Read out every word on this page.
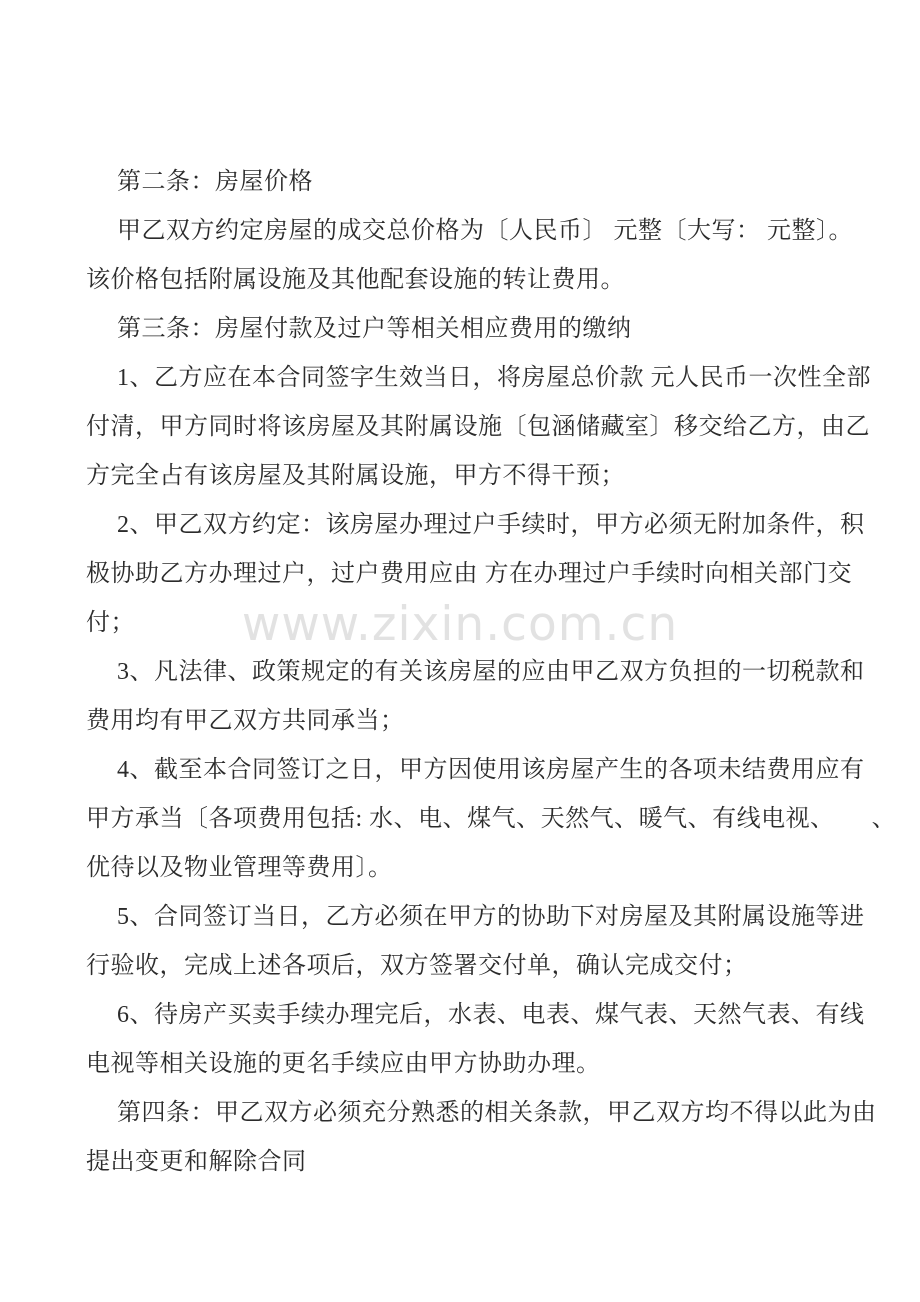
www.zixin.com.cn
第二条：房屋价格
甲乙双方约定房屋的成交总价格为〔人民币〕 元整〔大写： 元整〕。
该价格包括附属设施及其他配套设施的转让费用。
第三条：房屋付款及过户等相关相应费用的缴纳
1、乙方应在本合同签字生效当日，将房屋总价款 元人民币一次性全部
付清，甲方同时将该房屋及其附属设施〔包涵储藏室〕移交给乙方，由乙
方完全占有该房屋及其附属设施，甲方不得干预；
2、甲乙双方约定：该房屋办理过户手续时，甲方必须无附加条件，积
极协助乙方办理过户，过户费用应由 方在办理过户手续时向相关部门交
付；
3、凡法律、政策规定的有关该房屋的应由甲乙双方负担的一切税款和
费用均有甲乙双方共同承当；
4、截至本合同签订之日，甲方因使用该房屋产生的各项未结费用应有
甲方承当〔各项费用包括: 水、电、煤气、天然气、暖气、有线电视、　　、
优待以及物业管理等费用〕。
5、合同签订当日，乙方必须在甲方的协助下对房屋及其附属设施等进
行验收，完成上述各项后，双方签署交付单，确认完成交付；
6、待房产买卖手续办理完后，水表、电表、煤气表、天然气表、有线
电视等相关设施的更名手续应由甲方协助办理。
第四条：甲乙双方必须充分熟悉的相关条款，甲乙双方均不得以此为由
提出变更和解除合同
